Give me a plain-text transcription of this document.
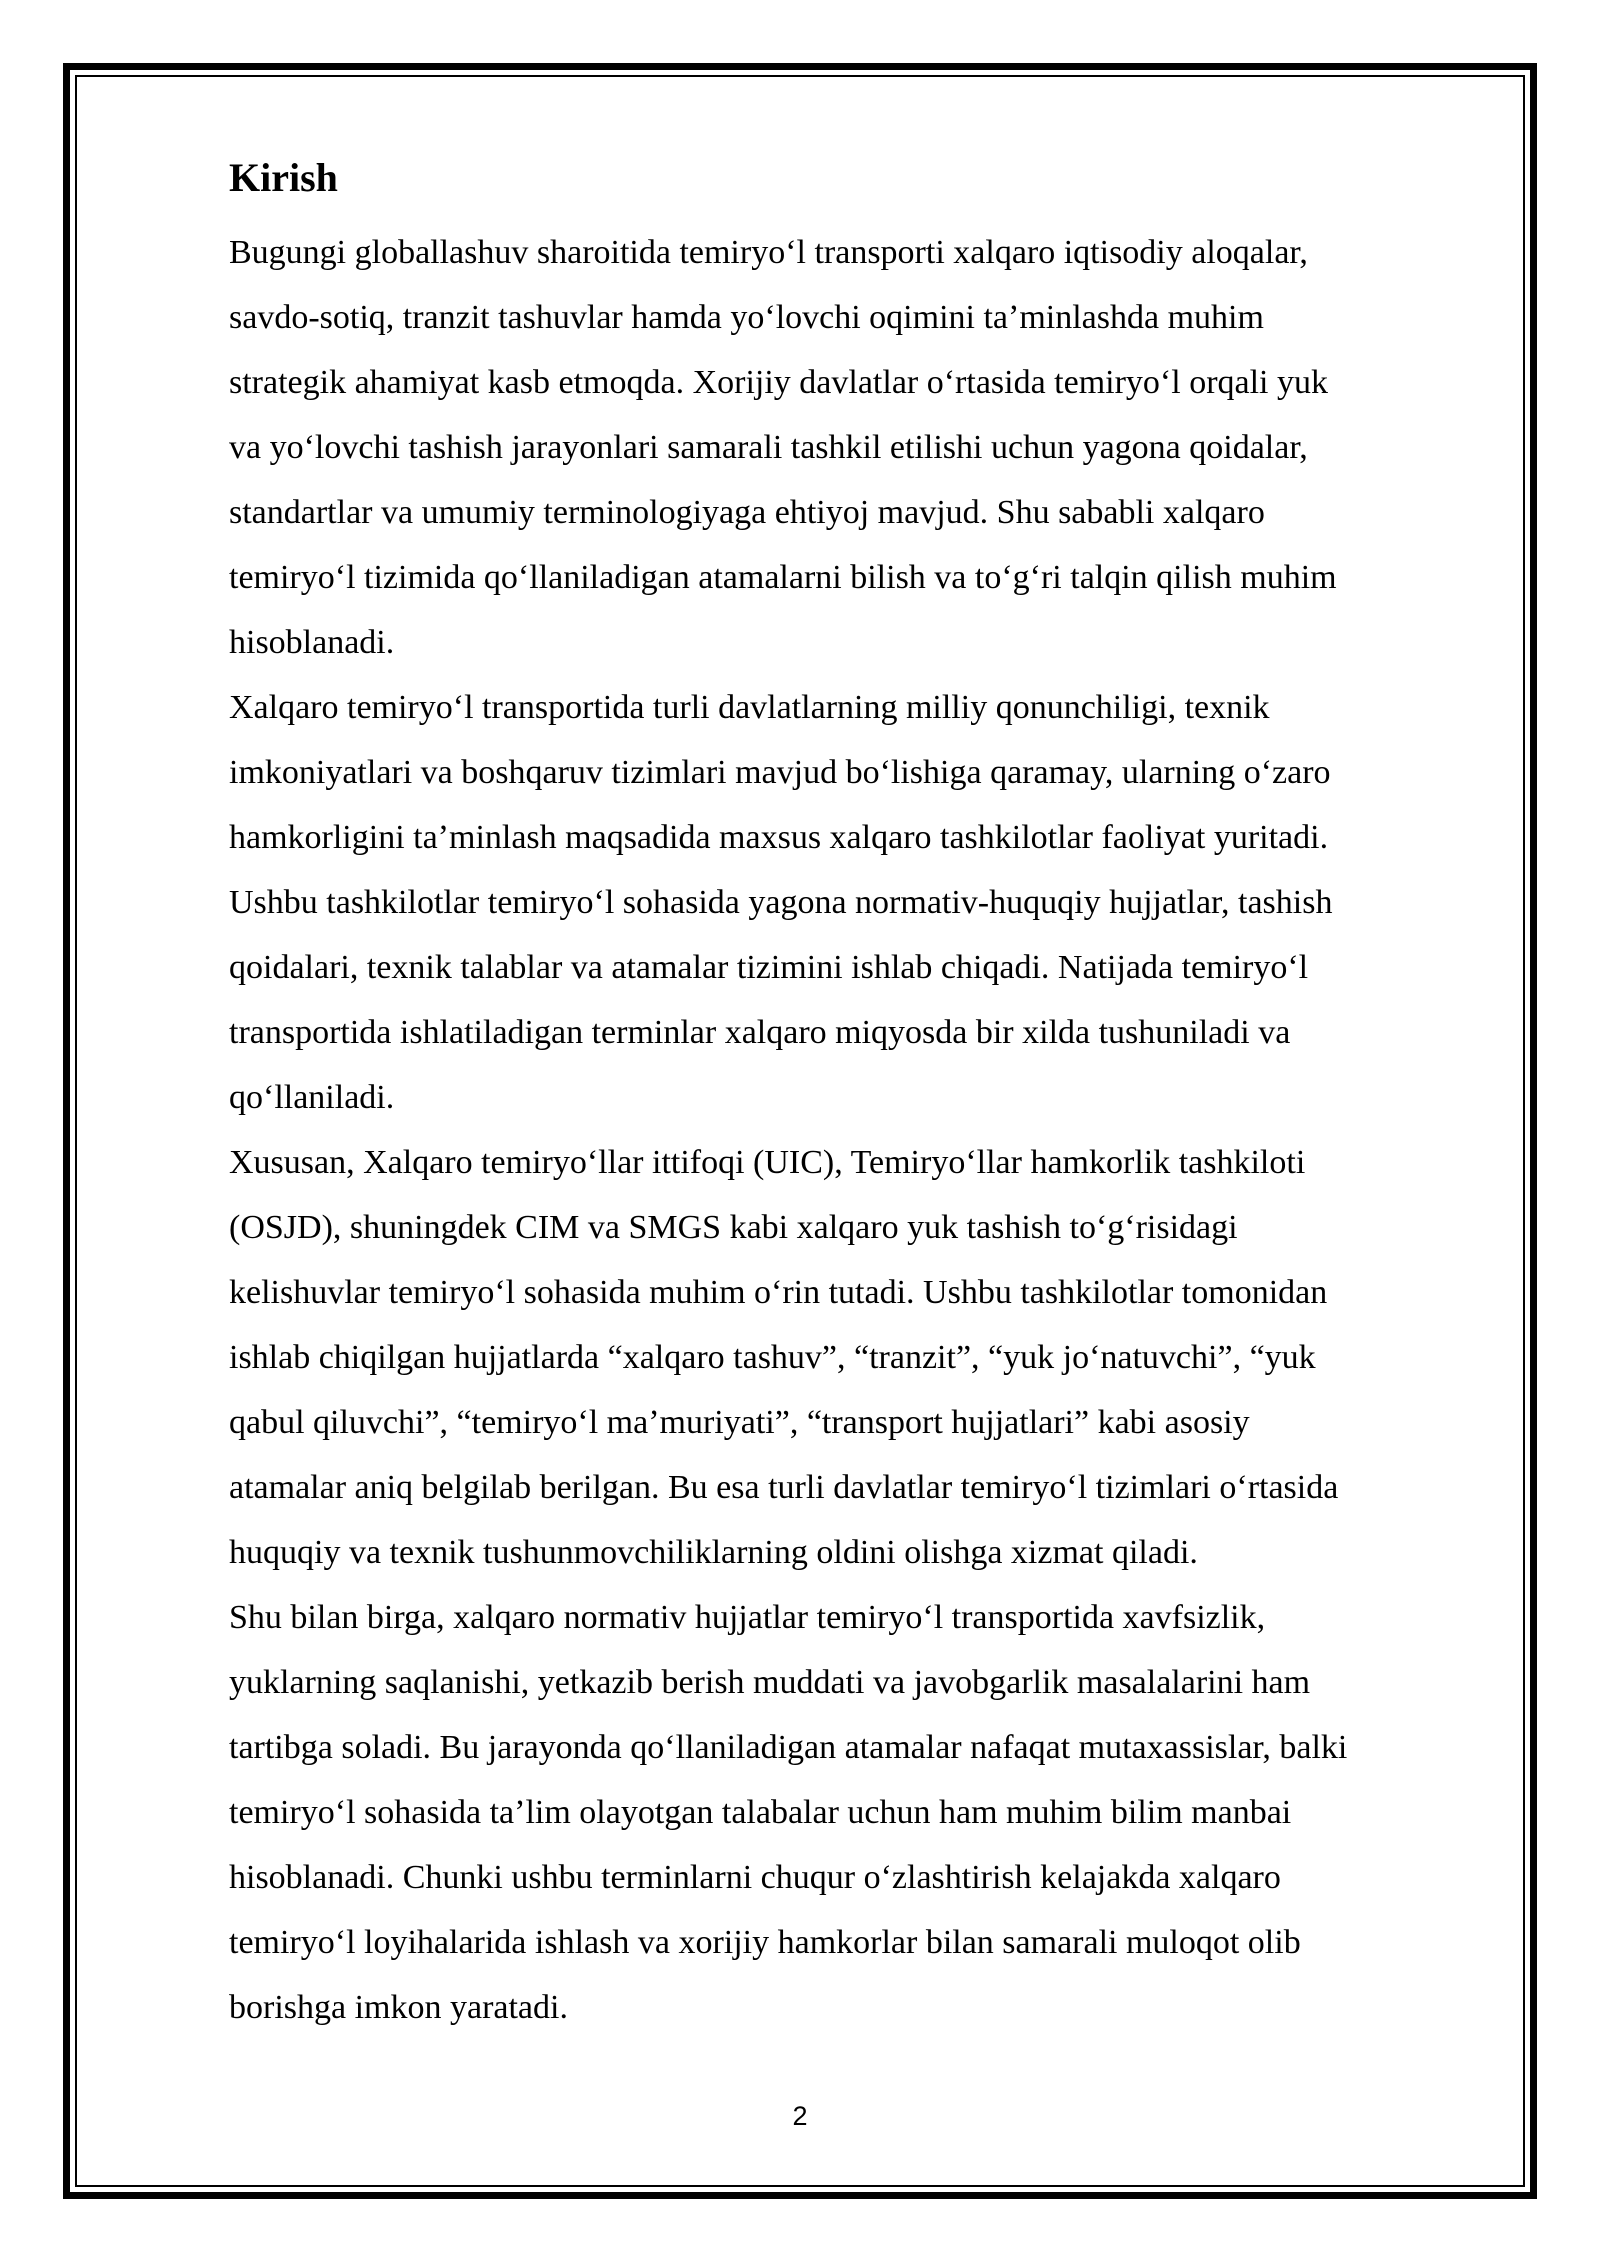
Kirish
Bugungi globallashuv sharoitida temiryoʻl transporti xalqaro iqtisodiy aloqalar,
savdo-sotiq, tranzit tashuvlar hamda yoʻlovchi oqimini taʼminlashda muhim
strategik ahamiyat kasb etmoqda. Xorijiy davlatlar oʻrtasida temiryoʻl orqali yuk
va yoʻlovchi tashish jarayonlari samarali tashkil etilishi uchun yagona qoidalar,
standartlar va umumiy terminologiyaga ehtiyoj mavjud. Shu sababli xalqaro
temiryoʻl tizimida qoʻllaniladigan atamalarni bilish va toʻgʻri talqin qilish muhim
hisoblanadi.
Xalqaro temiryoʻl transportida turli davlatlarning milliy qonunchiligi, texnik
imkoniyatlari va boshqaruv tizimlari mavjud boʻlishiga qaramay, ularning oʻzaro
hamkorligini taʼminlash maqsadida maxsus xalqaro tashkilotlar faoliyat yuritadi.
Ushbu tashkilotlar temiryoʻl sohasida yagona normativ-huquqiy hujjatlar, tashish
qoidalari, texnik talablar va atamalar tizimini ishlab chiqadi. Natijada temiryoʻl
transportida ishlatiladigan terminlar xalqaro miqyosda bir xilda tushuniladi va
qoʻllaniladi.
Xususan, Xalqaro temiryoʻllar ittifoqi (UIC), Temiryoʻllar hamkorlik tashkiloti
(OSJD), shuningdek CIM va SMGS kabi xalqaro yuk tashish toʻgʻrisidagi
kelishuvlar temiryoʻl sohasida muhim oʻrin tutadi. Ushbu tashkilotlar tomonidan
ishlab chiqilgan hujjatlarda “xalqaro tashuv”, “tranzit”, “yuk joʻnatuvchi”, “yuk
qabul qiluvchi”, “temiryoʻl maʼmuriyati”, “transport hujjatlari” kabi asosiy
atamalar aniq belgilab berilgan. Bu esa turli davlatlar temiryoʻl tizimlari oʻrtasida
huquqiy va texnik tushunmovchiliklarning oldini olishga xizmat qiladi.
Shu bilan birga, xalqaro normativ hujjatlar temiryoʻl transportida xavfsizlik,
yuklarning saqlanishi, yetkazib berish muddati va javobgarlik masalalarini ham
tartibga soladi. Bu jarayonda qoʻllaniladigan atamalar nafaqat mutaxassislar, balki
temiryoʻl sohasida taʼlim olayotgan talabalar uchun ham muhim bilim manbai
hisoblanadi. Chunki ushbu terminlarni chuqur oʻzlashtirish kelajakda xalqaro
temiryoʻl loyihalarida ishlash va xorijiy hamkorlar bilan samarali muloqot olib
borishga imkon yaratadi.
2
